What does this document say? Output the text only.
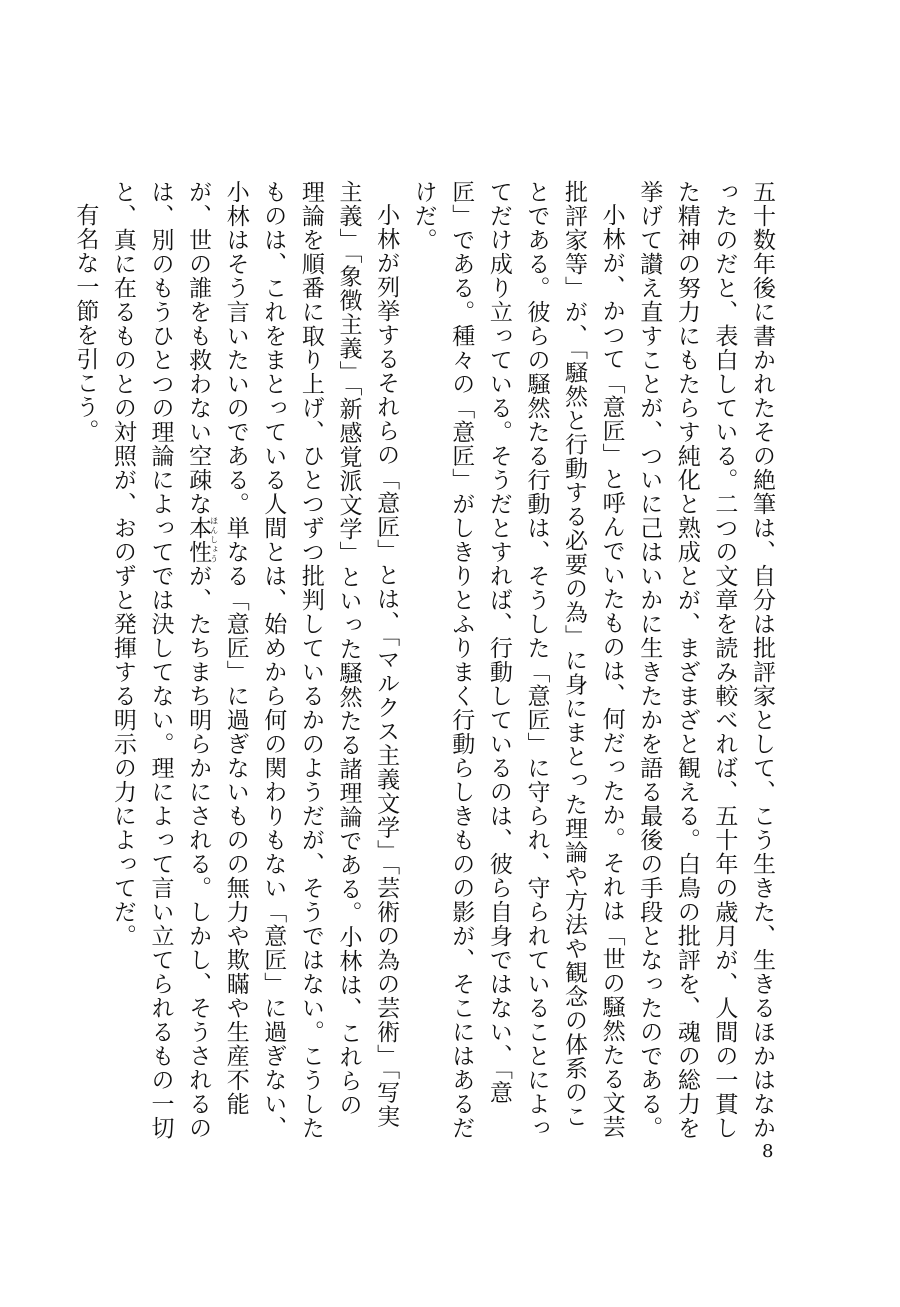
五十数年後に書かれたその絶筆は、自分は批評家として、こう生きた、生きるほかはなかったのだと、表白している。二つの文章を読み較べれば、五十年の歳月が、人間の一貫した精神の努力にもたらす純化と熟成とが、まざまざと観える。白鳥の批評を、魂の総力を挙げて讃え直すことが、ついに己はいかに生きたかを語る最後の手段となったのである。

小林が、かつて「意匠」と呼んでいたものは、何だったか。それは「世の騒然たる文芸批評家等」が、「騒然と行動する必要の為」に身にまとった理論や方法や観念の体系のことである。彼らの騒然たる行動は、そうした「意匠」に守られ、守られていることによってだけ成り立っている。そうだとすれば、行動しているのは、彼ら自身ではない、「意匠」である。種々の「意匠」がしきりとふりまく行動らしきものの影が、そこにはあるだけだ。

小林が列挙するそれらの「意匠」とは、「マルクス主義文学」「芸術の為の芸術」「写実主義」「象徴主義」「新感覚派文学」といった騒然たる諸理論である。小林は、これらの理論を順番に取り上げ、ひとつずつ批判しているかのようだが、そうではない。こうしたものは、これをまとっている人間とは、始めから何の関わりもない「意匠」に過ぎない、小林はそう言いたいのである。単なる「意匠」に過ぎないものの無力や欺瞞や生産不能が、世の誰をも救わない空疎な本性ほんしょうが、たちまち明らかにされる。しかし、そうされるのは、別のもうひとつの理論によってでは決してない。理によって言い立てられるもの一切と、真に在るものとの対照が、おのずと発揮する明示の力によってだ。

有名な一節を引こう。

8
